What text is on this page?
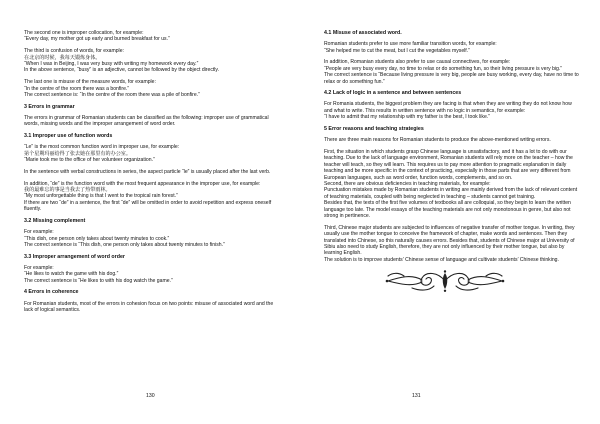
The second one is improper collocation, for example:
“Every day, my mother got up early and burned breakfast for us.”
The third is confusion of words, for example:
在北京的时候，我每天锻炼身体。
“When I was in Beijing, I was very busy with writing my homework every day.”
In the above sentence, “busy” is an adjective, cannot be followed by the object directly.
The last one is misuse of the measure words, for example:
“In the centre of the room there was a bonfire.”
The correct sentence is: “In the centre of the room there was a pile of bonfire.”
3 Errors in grammar
The errors in grammar of Romanian students can be classified as the following: improper use of grammatical words, missing words and the improper arrangement of word order.
3.1 Improper use of function words
“Le” is the most common function word in improper use, for example:
第个星期玛丽给得了张去她在那里有的办公室。
“Marie took me to the office of her volunteer organization.”
In the sentence with verbal constructions in series, the aspect particle “le” is usually placed after the last verb.
In addition, “de” is the function word with the most frequent appearance in the improper use, for example:
我的最难忘的事是当我去了热带雨林。
“My most unforgettable thing is that I went to the tropical rain forest.”
If there are two “de” in a sentence, the first “de” will be omitted in order to avoid repetition and express oneself fluently.
3.2 Missing complement
For example:
“This dish, one person only takes about twenty minutes to cook.”
The correct sentence is “This dish, one person only takes about twenty minutes to finish.”
3.3 Improper arrangement of word order
For example:
“He likes to watch the game with his dog.”
The correct sentence is “He likes to with his dog watch the game.”
4 Errors in coherence
For Romanian students, most of the errors in cohesion focus on two points: misuse of associated word and the lack of logical semantics.
130
4.1 Misuse of associated word.
Romanian students prefer to use more familiar transition words, for example:
“She helped me to cut the meat, but I cut the vegetables myself.”
In addition, Romanian students also prefer to use causal connectives, for example:
“People are very busy every day, no time to relax or do something fun, so their living pressure is very big.”
The correct sentence is “Because living pressure is very big, people are busy working, every day, have no time to relax or do something fun.”
4.2 Lack of logic in a sentence and between sentences
For Romania students, the biggest problem they are facing is that when they are writing they do not know how and what to write. This results in written sentence with no logic in semantics, for example:
“I have to admit that my relationship with my father is the best, I took like.”
5 Error reasons and teaching strategies
There are three main reasons for Romanian students to produce the above-mentioned writing errors.
First, the situation in which students grasp Chinese language is unsatisfactory, and it has a lot to do with our teaching. Due to the lack of language environment, Romanian students will rely more on the teacher – how the teacher will teach, so they will learn. This requires us to pay more attention to pragmatic explanation in daily teaching and be more specific in the context of practicing, especially in those parts that are very different from European languages, such as word order, function words, complements, and so on.
Second, there are obvious deficiencies in teaching materials, for example:
Punctuation mistakes made by Romanian students in writing are mainly derived from the lack of relevant content of teaching materials, coupled with being neglected in teaching – students cannot get training.
Besides that, the texts of the first five volumes of textbooks all are colloquial, so they begin to learn the written language too late. The model essays of the teaching materials are not only monotonous in genre, but also not strong in pertinence.
Third, Chinese major students are subjected to influences of negative transfer of mother tongue. In writing, they usually use the mother tongue to conceive the framework of chapter, make words and sentences. Then they translated into Chinese, so this naturally causes errors. Besides that, students of Chinese major at University of Sibiu also need to study English, therefore, they are not only influenced by their mother tongue, but also by learning English.
The solution is to improve students’ Chinese sense of language and cultivate students’ Chinese thinking.
131
